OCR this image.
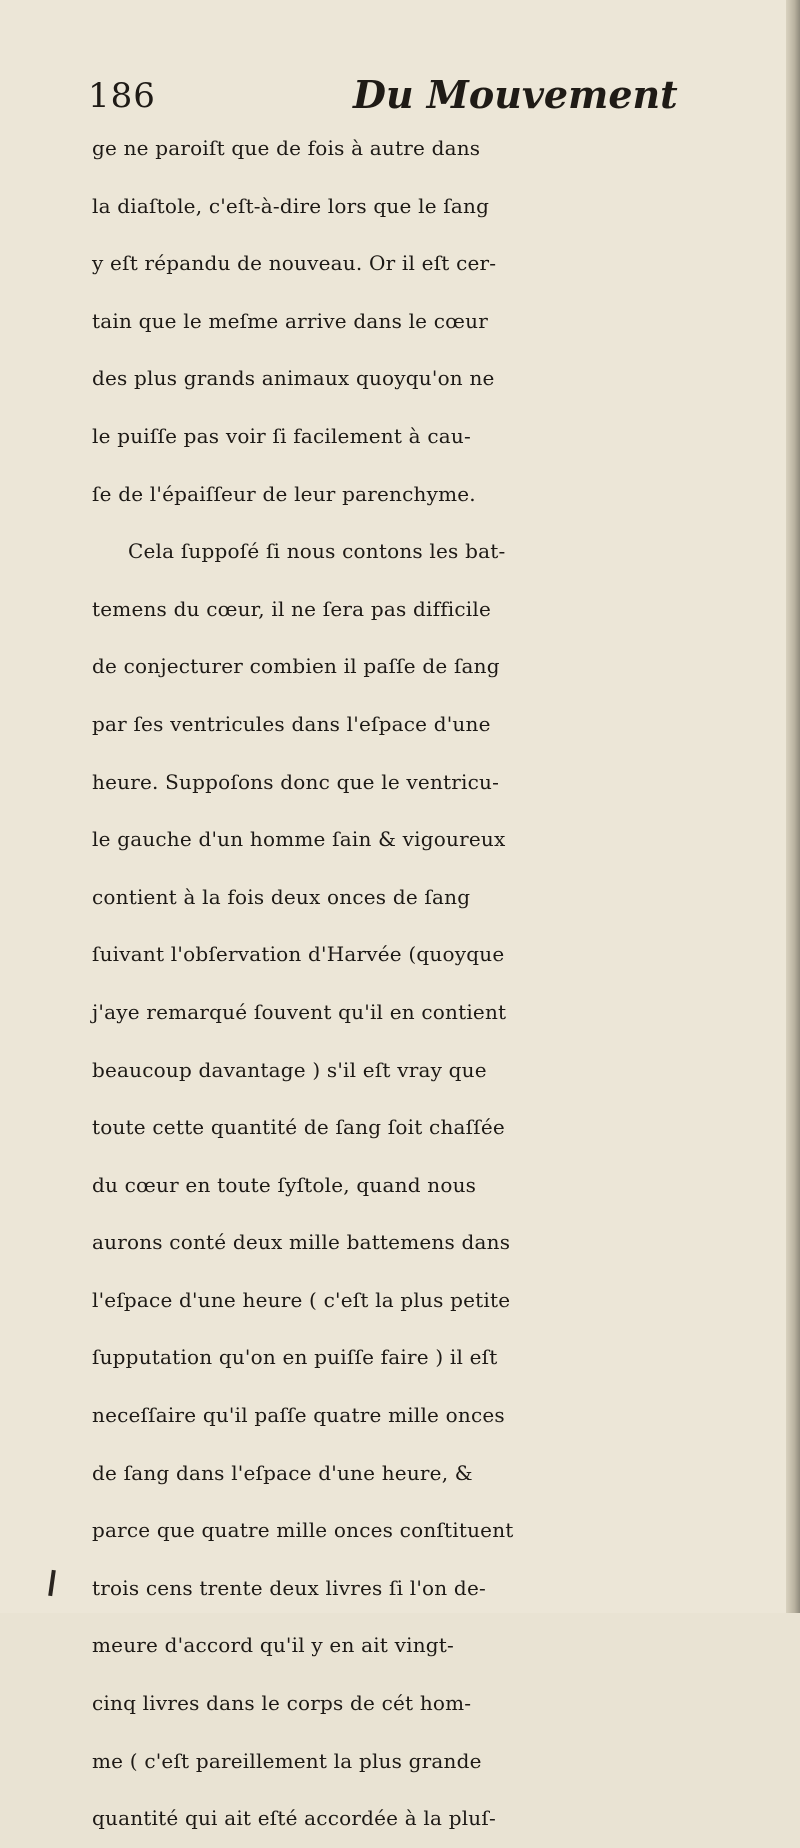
186	Du Mouvement
ge ne paroiſt que de fois à autre dans
la diaſtole, c'eſt-à-dire lors que le ſang
y eſt répandu de nouveau. Or il eſt cer-
tain que le meſme arrive dans le cœur
des plus grands animaux quoyqu'on ne
le puiſſe pas voir ſi facilement à cau-
ſe de l'épaiſſeur de leur parenchyme.
Cela ſuppoſé ſi nous contons les bat-
temens du cœur, il ne ſera pas difficile
de conjecturer combien il paſſe de ſang
par ſes ventricules dans l'eſpace d'une
heure. Suppoſons donc que le ventricu-
le gauche d'un homme ſain & vigoureux
contient à la fois deux onces de ſang
ſuivant l'obſervation d'Harvée (quoyque
j'aye remarqué ſouvent qu'il en contient
beaucoup davantage ) s'il eſt vray que
toute cette quantité de ſang ſoit chaſſée
du cœur en toute ſyſtole, quand nous
aurons conté deux mille battemens dans
l'eſpace d'une heure ( c'eſt la plus petite
ſupputation qu'on en puiſſe faire ) il eſt
neceſſaire qu'il paſſe quatre mille onces
de ſang dans l'eſpace d'une heure, &
parce que quatre mille onces conſtituent
trois cens trente deux livres ſi l'on de-
meure d'accord qu'il y en ait vingt-
cinq livres dans le corps de cét hom-
me ( c'eſt pareillement la plus grande
quantité qui ait eſté accordée à la pluſ-
